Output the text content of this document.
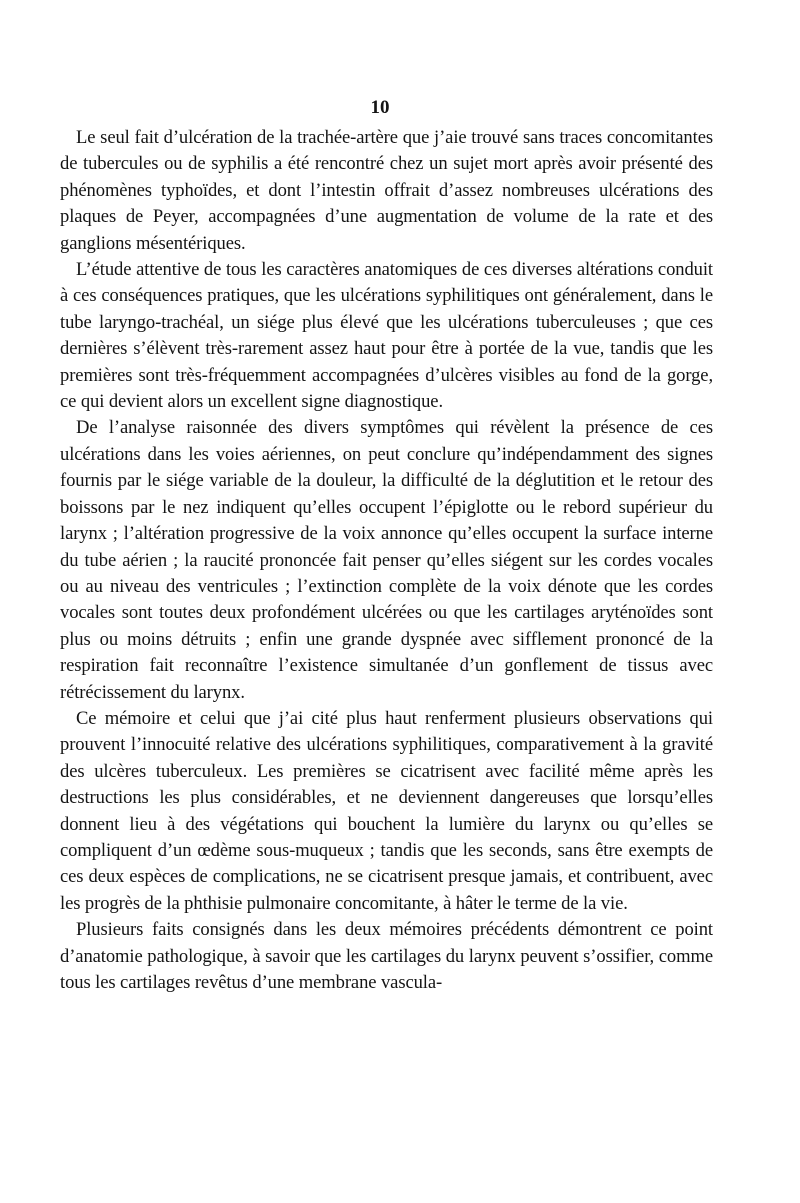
10

Le seul fait d’ulcération de la trachée-artère que j’aie trouvé sans traces concomitantes de tubercules ou de syphilis a été rencontré chez un sujet mort après avoir présenté des phénomènes typhoïdes, et dont l’intestin offrait d’assez nombreuses ulcérations des plaques de Peyer, accompagnées d’une augmentation de volume de la rate et des ganglions mésentériques.

L’étude attentive de tous les caractères anatomiques de ces diverses altérations conduit à ces conséquences pratiques, que les ulcérations syphilitiques ont généralement, dans le tube laryngo-trachéal, un siége plus élevé que les ulcérations tuberculeuses ; que ces dernières s’élèvent très-rarement assez haut pour être à portée de la vue, tandis que les premières sont très-fréquemment accompagnées d’ulcères visibles au fond de la gorge, ce qui devient alors un excellent signe diagnostique.

De l’analyse raisonnée des divers symptômes qui révèlent la présence de ces ulcérations dans les voies aériennes, on peut conclure qu’indépendamment des signes fournis par le siége variable de la douleur, la difficulté de la déglutition et le retour des boissons par le nez indiquent qu’elles occupent l’épiglotte ou le rebord supérieur du larynx ; l’altération progressive de la voix annonce qu’elles occupent la surface interne du tube aérien ; la raucité prononcée fait penser qu’elles siégent sur les cordes vocales ou au niveau des ventricules ; l’extinction complète de la voix dénote que les cordes vocales sont toutes deux profondément ulcérées ou que les cartilages aryténoïdes sont plus ou moins détruits ; enfin une grande dyspnée avec sifflement prononcé de la respiration fait reconnaître l’existence simultanée d’un gonflement de tissus avec rétrécissement du larynx.

Ce mémoire et celui que j’ai cité plus haut renferment plusieurs observations qui prouvent l’innocuité relative des ulcérations syphilitiques, comparativement à la gravité des ulcères tuberculeux. Les premières se cicatrisent avec facilité même après les destructions les plus considérables, et ne deviennent dangereuses que lorsqu’elles donnent lieu à des végétations qui bouchent la lumière du larynx ou qu’elles se compliquent d’un œdème sous-muqueux ; tandis que les seconds, sans être exempts de ces deux espèces de complications, ne se cicatrisent presque jamais, et contribuent, avec les progrès de la phthisie pulmonaire concomitante, à hâter le terme de la vie.

Plusieurs faits consignés dans les deux mémoires précédents démontrent ce point d’anatomie pathologique, à savoir que les cartilages du larynx peuvent s’ossifier, comme tous les cartilages revêtus d’une membrane vascula-
